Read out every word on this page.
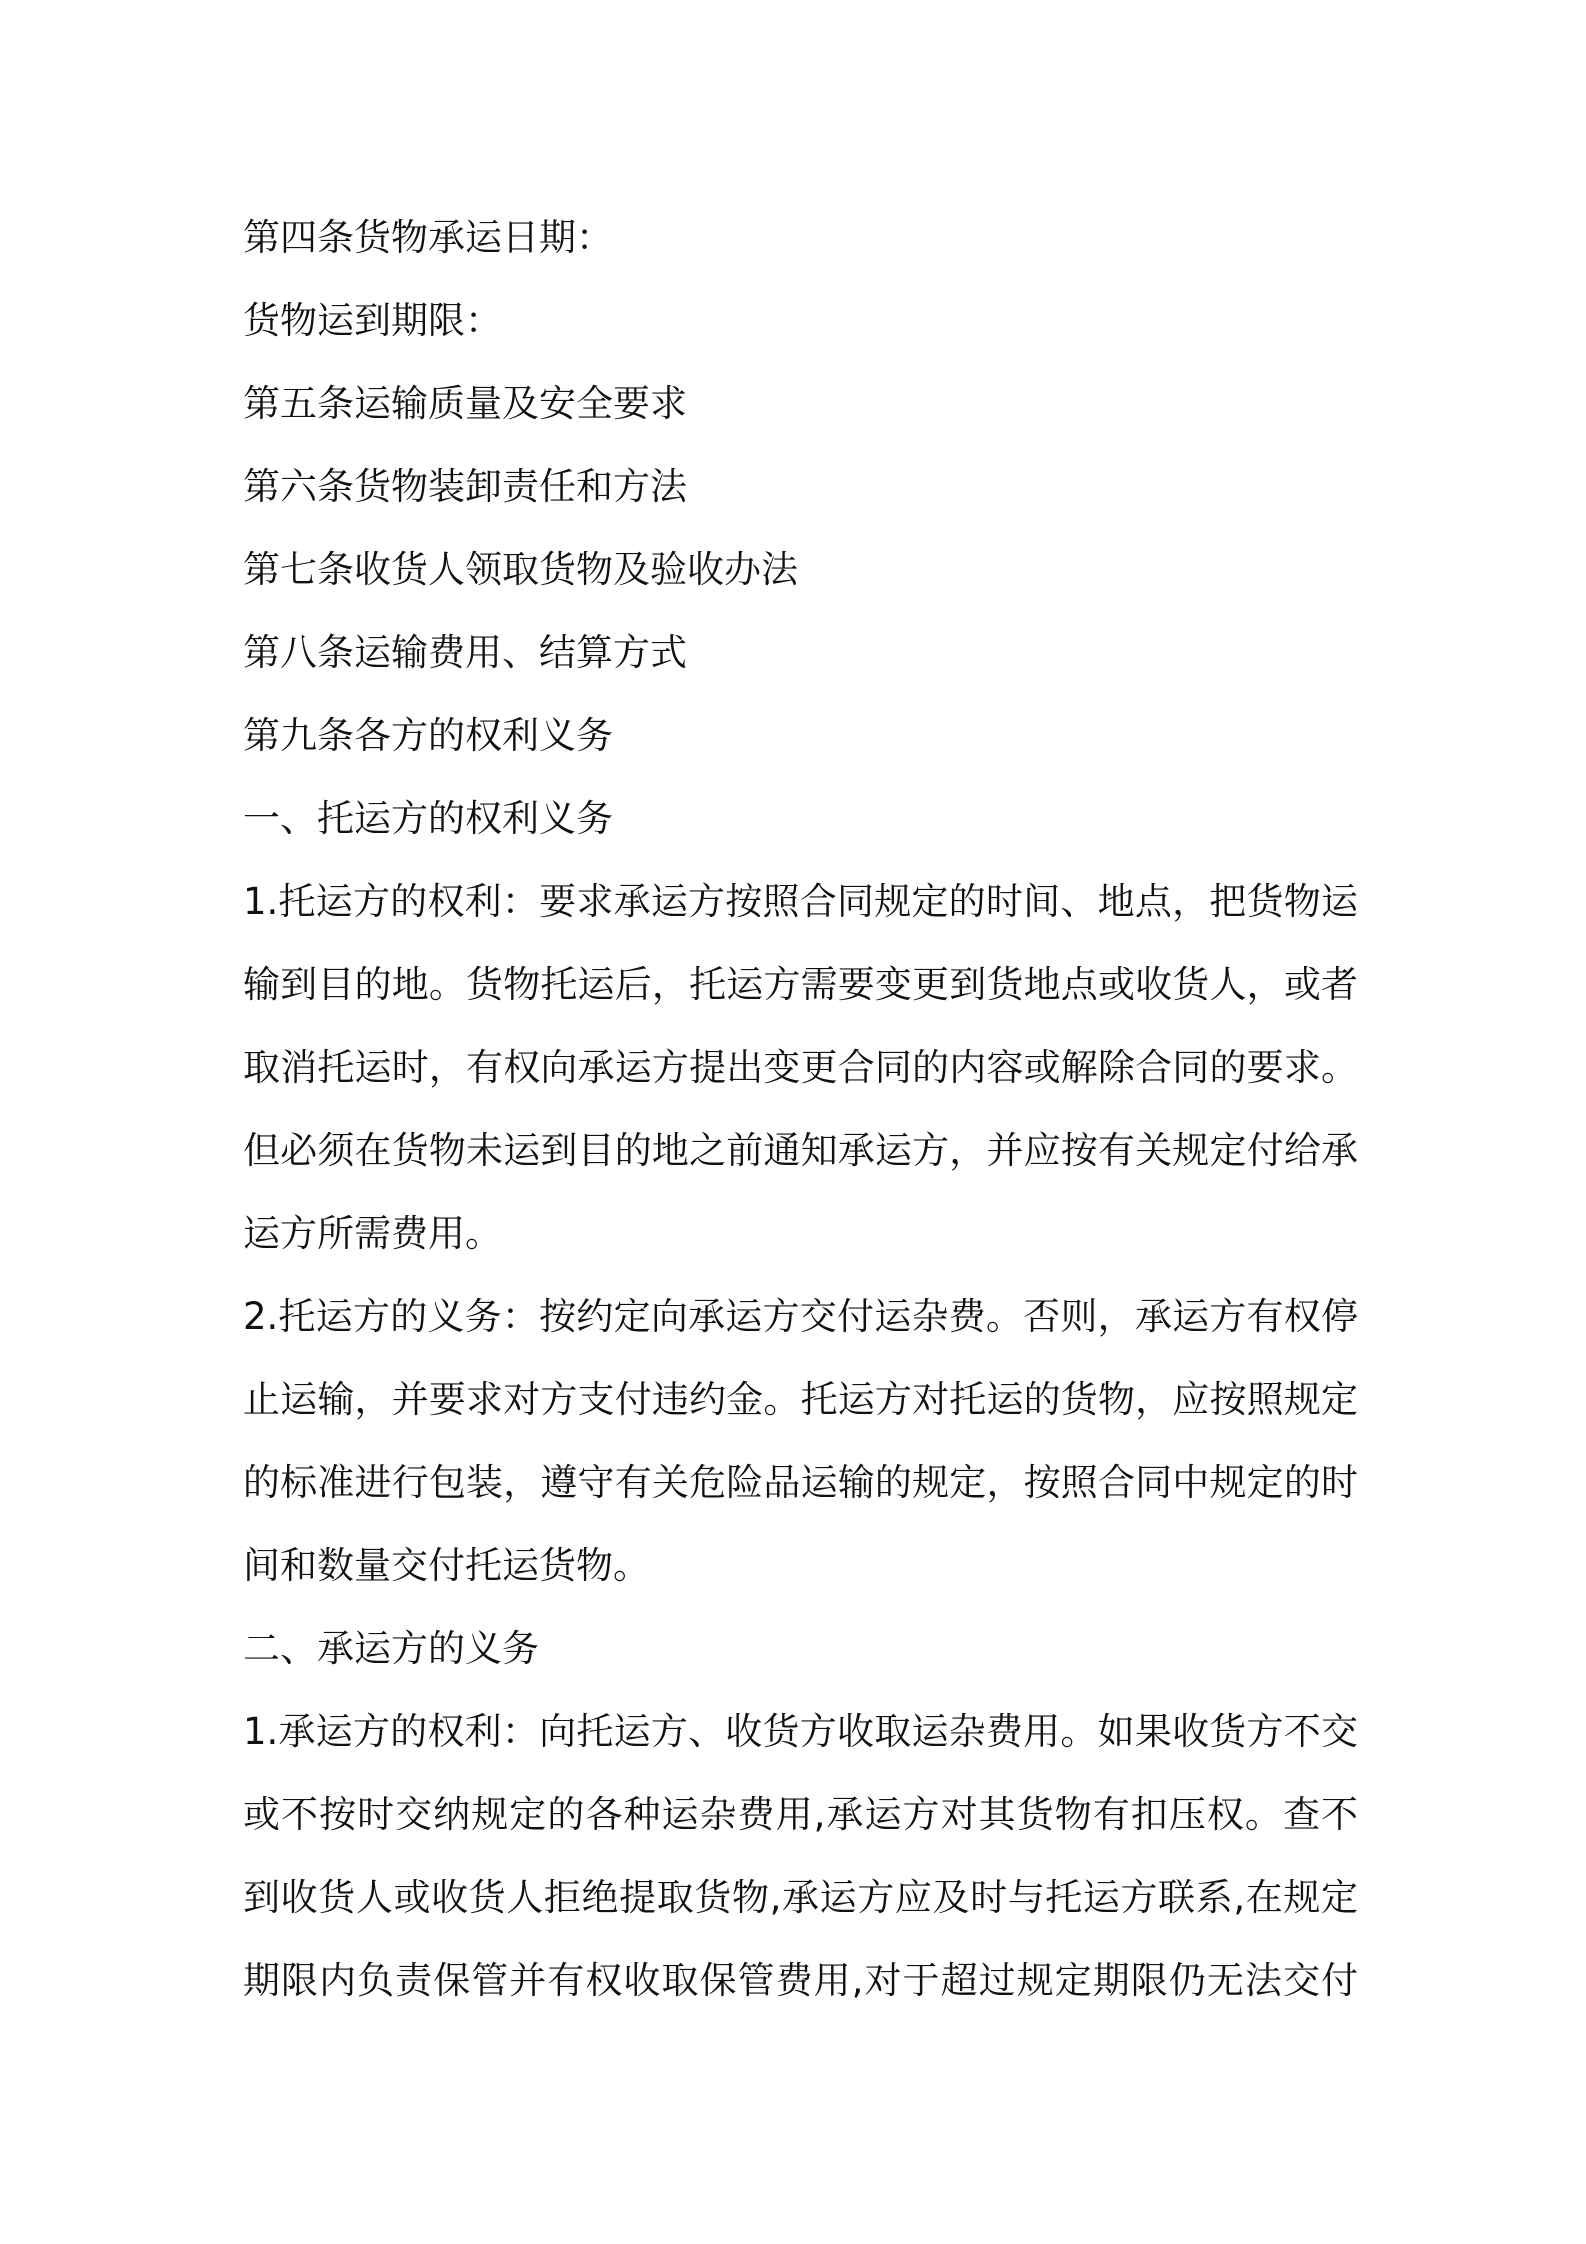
第四条货物承运日期：
货物运到期限：
第五条运输质量及安全要求
第六条货物装卸责任和方法
第七条收货人领取货物及验收办法
第八条运输费用、结算方式
第九条各方的权利义务
一、托运方的权利义务
1.托运方的权利：要求承运方按照合同规定的时间、地点，把货物运
输到目的地。货物托运后，托运方需要变更到货地点或收货人，或者
取消托运时，有权向承运方提出变更合同的内容或解除合同的要求。
但必须在货物未运到目的地之前通知承运方，并应按有关规定付给承
运方所需费用。
2.托运方的义务：按约定向承运方交付运杂费。否则，承运方有权停
止运输，并要求对方支付违约金。托运方对托运的货物，应按照规定
的标准进行包装，遵守有关危险品运输的规定，按照合同中规定的时
间和数量交付托运货物。
二、承运方的义务
1.承运方的权利：向托运方、收货方收取运杂费用。如果收货方不交
或不按时交纳规定的各种运杂费用,承运方对其货物有扣压权。查不
到收货人或收货人拒绝提取货物,承运方应及时与托运方联系,在规定
期限内负责保管并有权收取保管费用,对于超过规定期限仍无法交付
